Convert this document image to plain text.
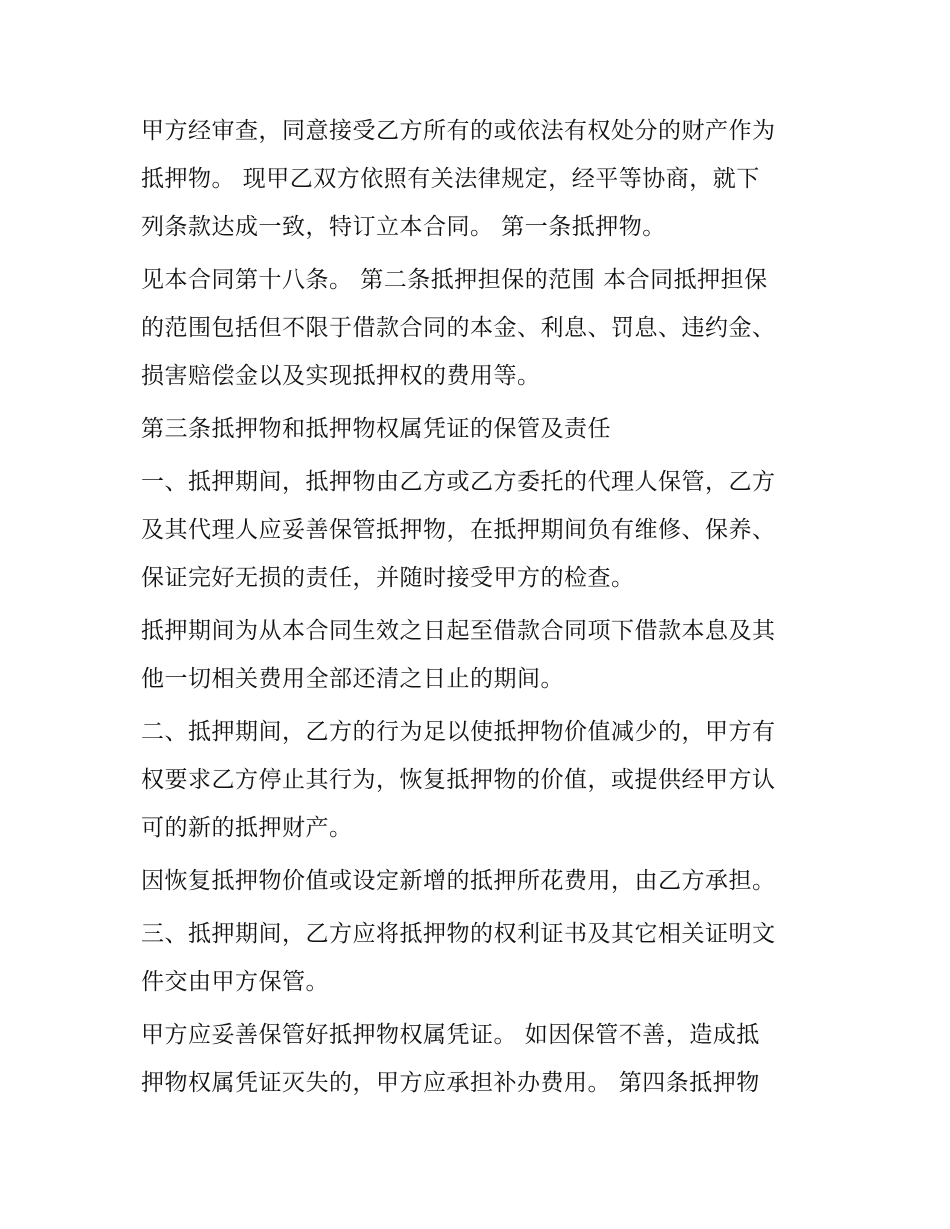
甲方经审查，同意接受乙方所有的或依法有权处分的财产作为
抵押物。 现甲乙双方依照有关法律规定，经平等协商，就下
列条款达成一致，特订立本合同。 第一条抵押物。
见本合同第十八条。 第二条抵押担保的范围 本合同抵押担保
的范围包括但不限于借款合同的本金、利息、罚息、违约金、
损害赔偿金以及实现抵押权的费用等。
第三条抵押物和抵押物权属凭证的保管及责任
一、抵押期间，抵押物由乙方或乙方委托的代理人保管，乙方
及其代理人应妥善保管抵押物，在抵押期间负有维修、保养、
保证完好无损的责任，并随时接受甲方的检查。
抵押期间为从本合同生效之日起至借款合同项下借款本息及其
他一切相关费用全部还清之日止的期间。
二、抵押期间，乙方的行为足以使抵押物价值减少的，甲方有
权要求乙方停止其行为，恢复抵押物的价值，或提供经甲方认
可的新的抵押财产。
因恢复抵押物价值或设定新增的抵押所花费用，由乙方承担。
三、抵押期间，乙方应将抵押物的权利证书及其它相关证明文
件交由甲方保管。
甲方应妥善保管好抵押物权属凭证。 如因保管不善，造成抵
押物权属凭证灭失的，甲方应承担补办费用。 第四条抵押物
